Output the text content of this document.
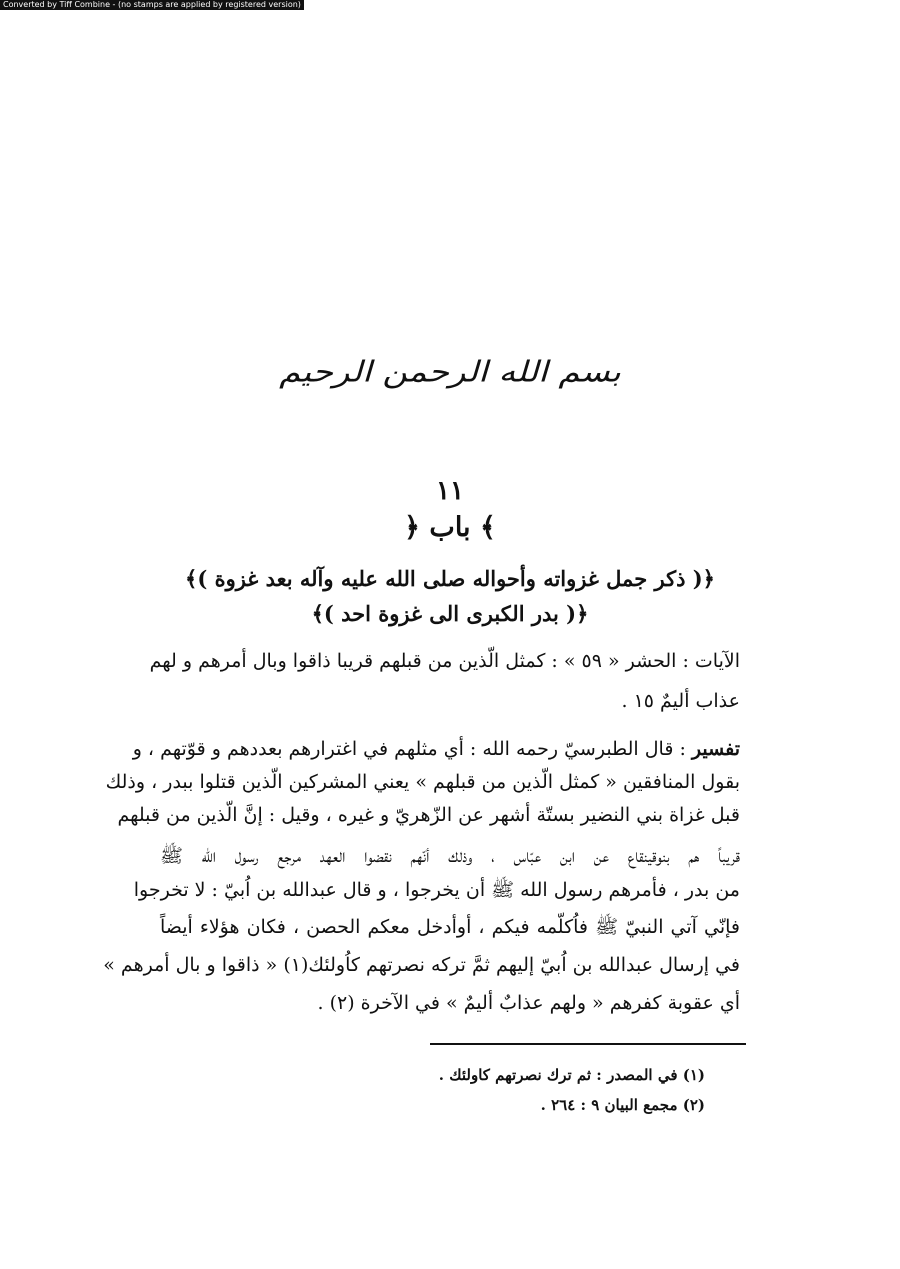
Converted by Tiff Combine - (no stamps are applied by registered version)
بسم الله الرحمن الرحيم
١١
﴿ باب ﴾
﴿( ذكر جمل غزواته وأحواله صلى الله عليه وآله بعد غزوة )﴾
﴿( بدر الكبرى الى غزوة احد )﴾
الآيات : الحشر « ٥٩ » : كمثل الّذين من قبلهم قريبا ذاقوا وبال أمرهم و لهم
عذاب أليمٌ ١٥ .
تفسير : قال الطبرسيّ رحمه الله : أي مثلهم في اغترارهم بعددهم و قوّتهم ، و
بقول المنافقين « كمثل الّذين من قبلهم » يعني المشركين الّذين قتلوا ببدر ، وذلك
قبل غزاة بني النضير بستّة أشهر عن الزّهريّ و غيره ، وقيل : إنَّ الّذين من قبلهم
قريباً هم بنوقينقاع عن ابن عبّاس ، وذلك أنّهم نقضوا العهد مرجع رسول الله ﷺ
من بدر ، فأمرهم رسول الله ﷺ أن يخرجوا ، و قال عبدالله بن اُبيّ : لا تخرجوا
فإنّي آتي النبيّ ﷺ فاُكلّمه فيكم ، أوأدخل معكم الحصن ، فكان هؤلاء أيضاً
في إرسال عبدالله بن اُبيّ إليهم ثمَّ تركه نصرتهم كاُولئك(١) « ذاقوا و بال أمرهم »
أي عقوبة كفرهم « ولهم عذابٌ أليمٌ » في الآخرة (٢) .
(١) في المصدر : ثم ترك نصرتهم كاولئك .
(٢) مجمع البيان ٩ : ٢٦٤ .
